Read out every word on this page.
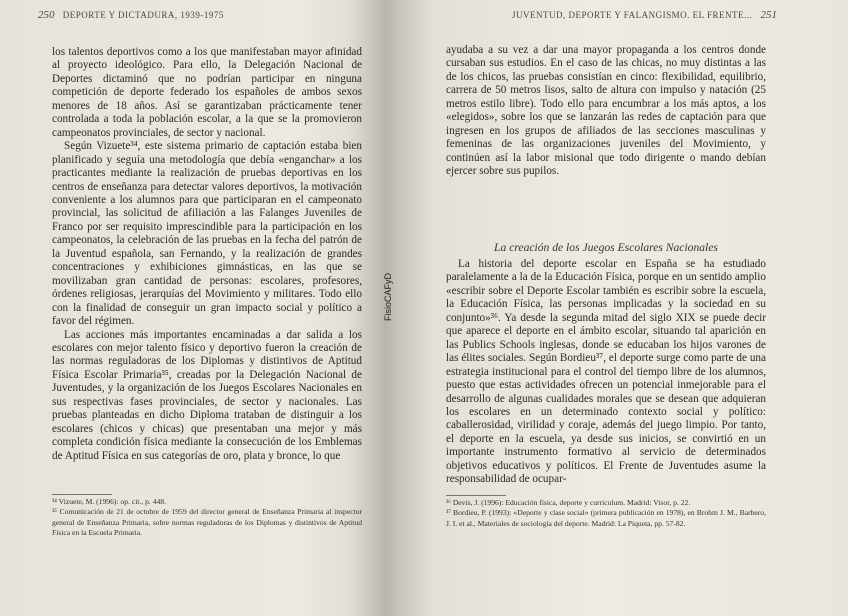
250 DEPORTE Y DICTADURA, 1939-1975

los talentos deportivos como a los que manifestaban mayor afinidad al proyecto ideológico. Para ello, la Delegación Nacional de Deportes dictaminó que no podrían participar en ninguna competición de deporte federado los españoles de ambos sexos menores de 18 años. Así se garantizaban prácticamente tener controlada a toda la población escolar, a la que se la promovieron campeonatos provinciales, de sector y nacional.

Según Vizuete³⁴, este sistema primario de captación estaba bien planificado y seguía una metodología que debía «enganchar» a los practicantes mediante la realización de pruebas deportivas en los centros de enseñanza para detectar valores deportivos, la motivación conveniente a los alumnos para que participaran en el campeonato provincial, las solicitud de afiliación a las Falanges Juveniles de Franco por ser requisito imprescindible para la participación en los campeonatos, la celebración de las pruebas en la fecha del patrón de la Juventud española, san Fernando, y la realización de grandes concentraciones y exhibiciones gimnásticas, en las que se movilizaban gran cantidad de personas: escolares, profesores, órdenes religiosas, jerarquías del Movimiento y militares. Todo ello con la finalidad de conseguir un gran impacto social y político a favor del régimen.

Las acciones más importantes encaminadas a dar salida a los escolares con mejor talento físico y deportivo fueron la creación de las normas reguladoras de los Diplomas y distintivos de Aptitud Física Escolar Primaria³⁵, creadas por la Delegación Nacional de Juventudes, y la organización de los Juegos Escolares Nacionales en sus respectivas fases provinciales, de sector y nacionales. Las pruebas planteadas en dicho Diploma trataban de distinguir a los escolares (chicos y chicas) que presentaban una mejor y más completa condición física mediante la consecución de los Emblemas de Aptitud Física en sus categorías de oro, plata y bronce, lo que

³⁴ Vizuete, M. (1996): op. cit., p. 448.

³⁵ Comunicación de 21 de octubre de 1959 del director general de Enseñanza Primaria al inspector general de Enseñanza Primaria, sobre normas reguladoras de los Diplomas y distintivos de Aptitud Física en la Escuela Primaria.

FisioCAFyD
JUVENTUD, DEPORTE Y FALANGISMO. EL FRENTE... 251

ayudaba a su vez a dar una mayor propaganda a los centros donde cursaban sus estudios. En el caso de las chicas, no muy distintas a las de los chicos, las pruebas consistían en cinco: flexibilidad, equilibrio, carrera de 50 metros lisos, salto de altura con impulso y natación (25 metros estilo libre). Todo ello para encumbrar a los más aptos, a los «elegidos», sobre los que se lanzarán las redes de captación para que ingresen en los grupos de afiliados de las secciones masculinas y femeninas de las organizaciones juveniles del Movimiento, y continúen así la labor misional que todo dirigente o mando debían ejercer sobre sus pupilos.

La creación de los Juegos Escolares Nacionales

La historia del deporte escolar en España se ha estudiado paralelamente a la de la Educación Física, porque en un sentido amplio «escribir sobre el Deporte Escolar también es escribir sobre la escuela, la Educación Física, las personas implicadas y la sociedad en su conjunto»³⁶. Ya desde la segunda mitad del siglo XIX se puede decir que aparece el deporte en el ámbito escolar, situando tal aparición en las Publics Schools inglesas, donde se educaban los hijos varones de las élites sociales. Según Bordieu³⁷, el deporte surge como parte de una estrategia institucional para el control del tiempo libre de los alumnos, puesto que estas actividades ofrecen un potencial inmejorable para el desarrollo de algunas cualidades morales que se desean que adquieran los escolares en un determinado contexto social y político: caballerosidad, virilidad y coraje, además del juego limpio. Por tanto, el deporte en la escuela, ya desde sus inicios, se convirtió en un importante instrumento formativo al servicio de determinados objetivos educativos y políticos. El Frente de Juventudes asume la responsabilidad de ocupar-

³⁶ Devís, J. (1996): Educación física, deporte y curriculum. Madrid: Visor, p. 22.

³⁷ Bordieu, P. (1993): «Deporte y clase social» (primera publicación en 1978), en Brohm J. M., Barbero, J. I. et al., Materiales de sociología del deporte. Madrid: La Piqueta, pp. 57-82.
